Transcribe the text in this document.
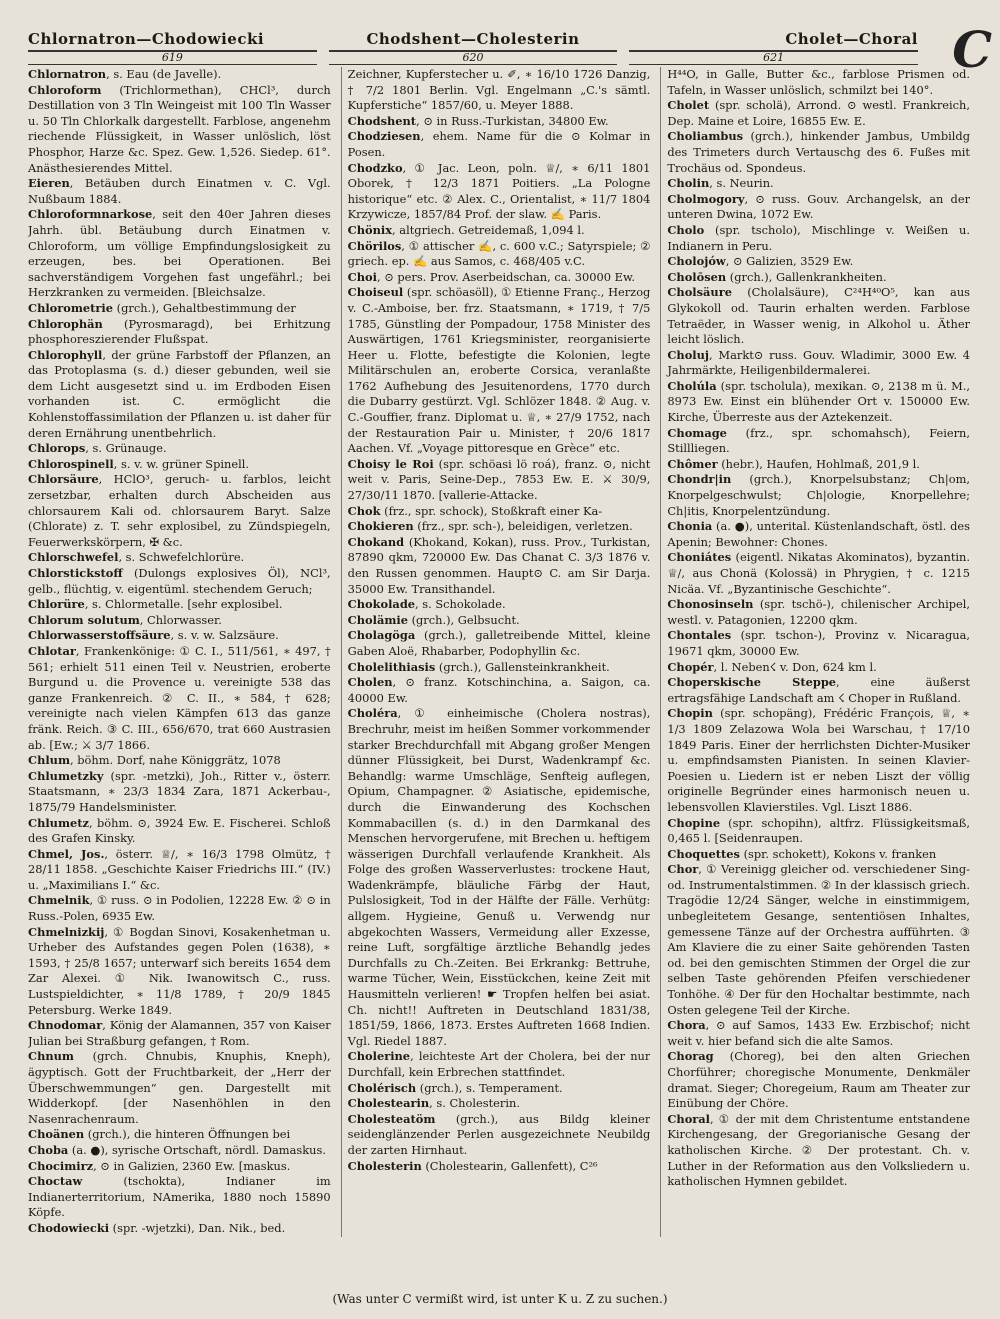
C
Chlornatron—Chodowiecki	Chodshent—Cholesterin	Cholet—Choral
619	620	621

Chlornatron, s. Eau (de Javelle).

Chloroform (Trichlormethan), CHCl³, durch Destillation von 3 Tln Weingeist mit 100 Tln Wasser u. 50 Tln Chlorkalk dargestellt. Farblose, angenehm riechende Flüssigkeit, in Wasser unlöslich, löst Phosphor, Harze &c. Spez. Gew. 1,526. Siedep. 61°. Anästhesierendes Mittel.

Eieren, Betäuben durch Einatmen v. C. Vgl. Nußbaum 1884.

Chloroformnarkose, seit den 40er Jahren dieses Jahrh. übl. Betäubung durch Einatmen v. Chloroform, um völlige Empfindungslosigkeit zu erzeugen, bes. bei Operationen. Bei sachverständigem Vorgehen fast ungefährl.; bei Herzkranken zu vermeiden. [Bleichsalze.

Chlorometrie (grch.), Gehaltbestimmung der

Chlorophän (Pyrosmaragd), bei Erhitzung phosphoreszierender Flußspat.

Chlorophyll, der grüne Farbstoff der Pflanzen, an das Protoplasma (s. d.) dieser gebunden, weil sie dem Licht ausgesetzt sind u. im Erdboden Eisen vorhanden ist. C. ermöglicht die Kohlenstoffassimilation der Pflanzen u. ist daher für deren Ernährung unentbehrlich.

Chlorops, s. Grünauge.

Chlorospinell, s. v. w. grüner Spinell.

Chlorsäure, HClO³, geruch- u. farblos, leicht zersetzbar, erhalten durch Abscheiden aus chlorsaurem Kali od. chlorsaurem Baryt. Salze (Chlorate) z. T. sehr explosibel, zu Zündspiegeln, Feuerwerkskörpern, ✠ &c.

Chlorschwefel, s. Schwefelchlorüre.

Chlorstickstoff (Dulongs explosives Öl), NCl³, gelb., flüchtig, v. eigentüml. stechendem Geruch;

Chlorüre, s. Chlormetalle. [sehr explosibel.

Chlorum solutum, Chlorwasser.

Chlorwasserstoffsäure, s. v. w. Salzsäure.

Chlotar, Frankenkönige: ① C. I., 511/561, ∗ 497, † 561; erhielt 511 einen Teil v. Neustrien, eroberte Burgund u. die Provence u. vereinigte 538 das ganze Frankenreich. ② C. II., ∗ 584, † 628; vereinigte nach vielen Kämpfen 613 das ganze fränk. Reich. ③ C. III., 656/670, trat 660 Austrasien ab. [Ew.; ⚔ 3/7 1866.

Chlum, böhm. Dorf, nahe Königgrätz, 1078

Chlumetzky (spr. -metzki), Joh., Ritter v., österr. Staatsmann, ∗ 23/3 1834 Zara, 1871 Ackerbau-, 1875/79 Handelsminister.

Chlumetz, böhm. ⊙, 3924 Ew. E. Fischerei. Schloß des Grafen Kinsky.

Chmel, Jos., österr. ♕/, ∗ 16/3 1798 Olmütz, † 28/11 1858. „Geschichte Kaiser Friedrichs III.“ (IV.) u. „Maximilians I.“ &c.

Chmelnik, ① russ. ⊙ in Podolien, 12228 Ew. ② ⊙ in Russ.-Polen, 6935 Ew.

Chmelnizkij, ① Bogdan Sinovi, Kosakenhetman u. Urheber des Aufstandes gegen Polen (1638), ∗ 1593, † 25/8 1657; unterwarf sich bereits 1654 dem Zar Alexei. ① Nik. Iwanowitsch C., russ. Lustspieldichter, ∗ 11/8 1789, † 20/9 1845 Petersburg. Werke 1849.

Chnodomar, König der Alamannen, 357 von Kaiser Julian bei Straßburg gefangen, † Rom.

Chnum (grch. Chnubis, Knuphis, Kneph), ägyptisch. Gott der Fruchtbarkeit, der „Herr der Überschwemmungen“ gen. Dargestellt mit Widderkopf. [der Nasenhöhlen in den Nasenrachenraum.

Choänen (grch.), die hinteren Öffnungen bei

Choba (a. ●), syrische Ortschaft, nördl. Damaskus.

Chocimirz, ⊙ in Galizien, 2360 Ew. [maskus.

Choctaw (tschokta), Indianer im Indianerterritorium, NAmerika, 1880 noch 15890 Köpfe.

Chodowiecki (spr. -wjetzki), Dan. Nik., bed.

Zeichner, Kupferstecher u. ✐, ∗ 16/10 1726 Danzig, † 7/2 1801 Berlin. Vgl. Engelmann „C.'s sämtl. Kupferstiche“ 1857/60, u. Meyer 1888.

Chodshent, ⊙ in Russ.-Turkistan, 34800 Ew.

Chodziesen, ehem. Name für die ⊙ Kolmar in Posen.

Chodzko, ① Jac. Leon, poln. ♕/, ∗ 6/11 1801 Oborek, † 12/3 1871 Poitiers. „La Pologne historique“ etc. ② Alex. C., Orientalist, ∗ 11/7 1804 Krzywicze, 1857/84 Prof. der slaw. ✍ Paris.

Chönix, altgriech. Getreidemaß, 1,094 l.

Chörilos, ① attischer ✍, c. 600 v.C.; Satyrspiele; ② griech. ep. ✍ aus Samos, c. 468/405 v.C.

Choi, ⊙ pers. Prov. Aserbeidschan, ca. 30000 Ew.

Choiseul (spr. schöasöll), ① Etienne Franç., Herzog v. C.-Amboise, ber. frz. Staatsmann, ∗ 1719, † 7/5 1785, Günstling der Pompadour, 1758 Minister des Auswärtigen, 1761 Kriegsminister, reorganisierte Heer u. Flotte, befestigte die Kolonien, legte Militärschulen an, eroberte Corsica, veranlaßte 1762 Aufhebung des Jesuitenordens, 1770 durch die Dubarry gestürzt. Vgl. Schlözer 1848. ② Aug. v. C.-Gouffier, franz. Diplomat u. ♕, ∗ 27/9 1752, nach der Restauration Pair u. Minister, † 20/6 1817 Aachen. Vf. „Voyage pittoresque en Grèce“ etc.

Choisy le Roi (spr. schöasi lö roá), franz. ⊙, nicht weit v. Paris, Seine-Dep., 7853 Ew. E. ⚔ 30/9, 27/30/11 1870. [vallerie-Attacke.

Chok (frz., spr. schock), Stoßkraft einer Ka-

Chokieren (frz., spr. sch-), beleidigen, verletzen.

Chokand (Khokand, Kokan), russ. Prov., Turkistan, 87890 qkm, 720000 Ew. Das Chanat C. 3/3 1876 v. den Russen genommen. Haupt⊙ C. am Sir Darja. 35000 Ew. Transithandel.

Chokolade, s. Schokolade.

Cholämie (grch.), Gelbsucht.

Cholagöga (grch.), galletreibende Mittel, kleine Gaben Aloë, Rhabarber, Podophyllin &c.

Cholelithiasis (grch.), Gallensteinkrankheit.

Cholen, ⊙ franz. Kotschinchina, a. Saigon, ca. 40000 Ew.

Choléra, ① einheimische (Cholera nostras), Brechruhr, meist im heißen Sommer vorkommender starker Brechdurchfall mit Abgang großer Mengen dünner Flüssigkeit, bei Durst, Wadenkrampf &c. Behandlg: warme Umschläge, Senfteig auflegen, Opium, Champagner. ② Asiatische, epidemische, durch die Einwanderung des Kochschen Kommabacillen (s. d.) in den Darmkanal des Menschen hervorgerufene, mit Brechen u. heftigem wässerigen Durchfall verlaufende Krankheit. Als Folge des großen Wasserverlustes: trockene Haut, Wadenkrämpfe, bläuliche Färbg der Haut, Pulslosigkeit, Tod in der Hälfte der Fälle. Verhütg: allgem. Hygieine, Genuß u. Verwendg nur abgekochten Wassers, Vermeidung aller Exzesse, reine Luft, sorgfältige ärztliche Behandlg jedes Durchfalls zu Ch.-Zeiten. Bei Erkrankg: Bettruhe, warme Tücher, Wein, Eisstückchen, keine Zeit mit Hausmitteln verlieren! ☛ Tropfen helfen bei asiat. Ch. nicht!! Auftreten in Deutschland 1831/38, 1851/59, 1866, 1873. Erstes Auftreten 1668 Indien. Vgl. Riedel 1887.

Cholerine, leichteste Art der Cholera, bei der nur Durchfall, kein Erbrechen stattfindet.

Cholérisch (grch.), s. Temperament.

Cholestearin, s. Cholesterin.

Cholesteatöm (grch.), aus Bildg kleiner seidenglänzender Perlen ausgezeichnete Neubildg der zarten Hirnhaut.

Cholesterin (Cholestearin, Gallenfett), C²⁶

H⁴⁴O, in Galle, Butter &c., farblose Prismen od. Tafeln, in Wasser unlöslich, schmilzt bei 140°.

Cholet (spr. scholä), Arrond. ⊙ westl. Frankreich, Dep. Maine et Loire, 16855 Ew. E.

Choliambus (grch.), hinkender Jambus, Umbildg des Trimeters durch Vertauschg des 6. Fußes mit Trochäus od. Spondeus.

Cholin, s. Neurin.

Cholmogory, ⊙ russ. Gouv. Archangelsk, an der unteren Dwina, 1072 Ew.

Cholo (spr. tscholo), Mischlinge v. Weißen u. Indianern in Peru.

Cholojów, ⊙ Galizien, 3529 Ew.

Cholōsen (grch.), Gallenkrankheiten.

Cholsäure (Cholalsäure), C²⁴H⁴⁰O⁵, kan aus Glykokoll od. Taurin erhalten werden. Farblose Tetraëder, in Wasser wenig, in Alkohol u. Äther leicht löslich.

Choluj, Markt⊙ russ. Gouv. Wladimir, 3000 Ew. 4 Jahrmärkte, Heiligenbildermalerei.

Cholúla (spr. tscholula), mexikan. ⊙, 2138 m ü. M., 8973 Ew. Einst ein blühender Ort v. 150000 Ew. Kirche, Überreste aus der Aztekenzeit.

Chomage (frz., spr. schomahsch), Feiern, Stillliegen.

Chômer (hebr.), Haufen, Hohlmaß, 201,9 l.

Chondr|in (grch.), Knorpelsubstanz; Ch|om, Knorpelgeschwulst; Ch|ologie, Knorpellehre; Ch|itis, Knorpelentzündung.

Chonia (a. ●), unterital. Küstenlandschaft, östl. des Apenin; Bewohner: Chones.

Choniátes (eigentl. Nikatas Akominatos), byzantin. ♕/, aus Chonä (Kolossä) in Phrygien, † c. 1215 Nicäa. Vf. „Byzantinische Geschichte“.

Chonosinseln (spr. tschö-), chilenischer Archipel, westl. v. Patagonien, 12200 qkm.

Chontales (spr. tschon-), Provinz v. Nicaragua, 19671 qkm, 30000 Ew.

Chopér, l. Neben☇ v. Don, 624 km l.

Choperskische Steppe, eine äußerst ertragsfähige Landschaft am ☇ Choper in Rußland.

Chopin (spr. schopäng), Frédéric François, ♕, ∗ 1/3 1809 Zelazowa Wola bei Warschau, † 17/10 1849 Paris. Einer der herrlichsten Dichter-Musiker u. empfindsamsten Pianisten. In seinen Klavier-Poesien u. Liedern ist er neben Liszt der völlig originelle Begründer eines harmonisch neuen u. lebensvollen Klavierstiles. Vgl. Liszt 1886.

Chopine (spr. schopihn), altfrz. Flüssigkeitsmaß, 0,465 l. [Seidenraupen.

Choquettes (spr. schokett), Kokons v. franken

Chor, ① Vereinigg gleicher od. verschiedener Sing- od. Instrumentalstimmen. ② In der klassisch griech. Tragödie 12/24 Sänger, welche in einstimmigem, unbegleitetem Gesange, sententiösen Inhaltes, gemessene Tänze auf der Orchestra aufführten. ③ Am Klaviere die zu einer Saite gehörenden Tasten od. bei den gemischten Stimmen der Orgel die zur selben Taste gehörenden Pfeifen verschiedener Tonhöhe. ④ Der für den Hochaltar bestimmte, nach Osten gelegene Teil der Kirche.

Chora, ⊙ auf Samos, 1433 Ew. Erzbischof; nicht weit v. hier befand sich die alte Samos.

Chorag (Choreg), bei den alten Griechen Chorführer; choregische Monumente, Denkmäler dramat. Sieger; Choregeium, Raum am Theater zur Einübung der Chöre.

Choral, ① der mit dem Christentume entstandene Kirchengesang, der Gregorianische Gesang der katholischen Kirche. ② Der protestant. Ch. v. Luther in der Reformation aus den Volksliedern u. katholischen Hymnen gebildet.

(Was unter C vermißt wird, ist unter K u. Z zu suchen.)
